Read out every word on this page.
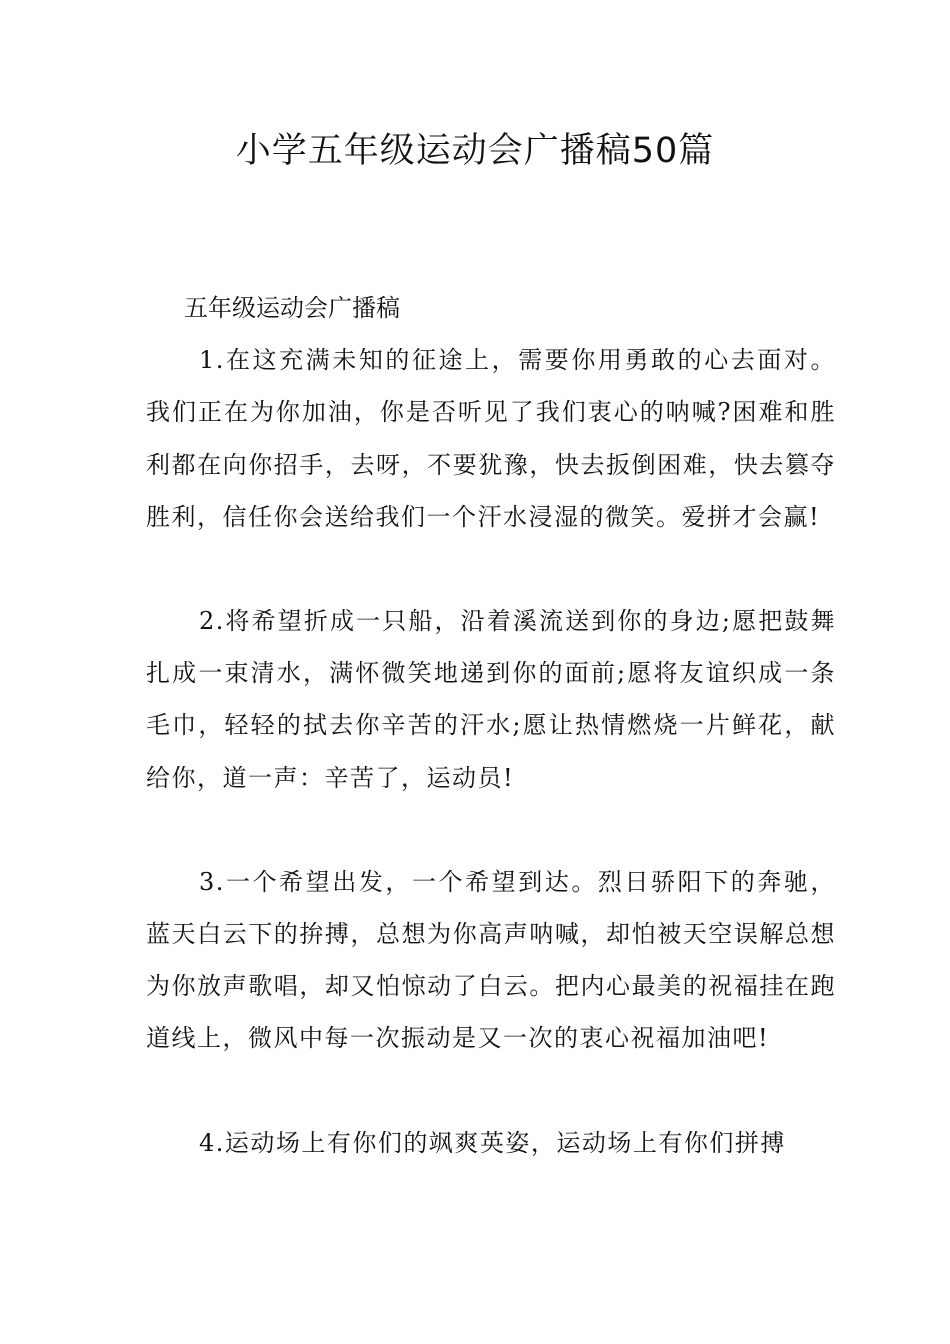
小学五年级运动会广播稿50篇

五年级运动会广播稿

1.在这充满未知的征途上，需要你用勇敢的心去面对。我们正在为你加油，你是否听见了我们衷心的呐喊?困难和胜利都在向你招手，去呀，不要犹豫，快去扳倒困难，快去篡夺胜利，信任你会送给我们一个汗水浸湿的微笑。爱拼才会赢!

2.将希望折成一只船，沿着溪流送到你的身边;愿把鼓舞扎成一束清水，满怀微笑地递到你的面前;愿将友谊织成一条毛巾，轻轻的拭去你辛苦的汗水;愿让热情燃烧一片鲜花，献给你，道一声：辛苦了，运动员!

3.一个希望出发，一个希望到达。烈日骄阳下的奔驰，蓝天白云下的拚搏，总想为你高声呐喊，却怕被天空误解总想为你放声歌唱，却又怕惊动了白云。把内心最美的祝福挂在跑道线上，微风中每一次振动是又一次的衷心祝福加油吧!

4.运动场上有你们的飒爽英姿，运动场上有你们拼搏
